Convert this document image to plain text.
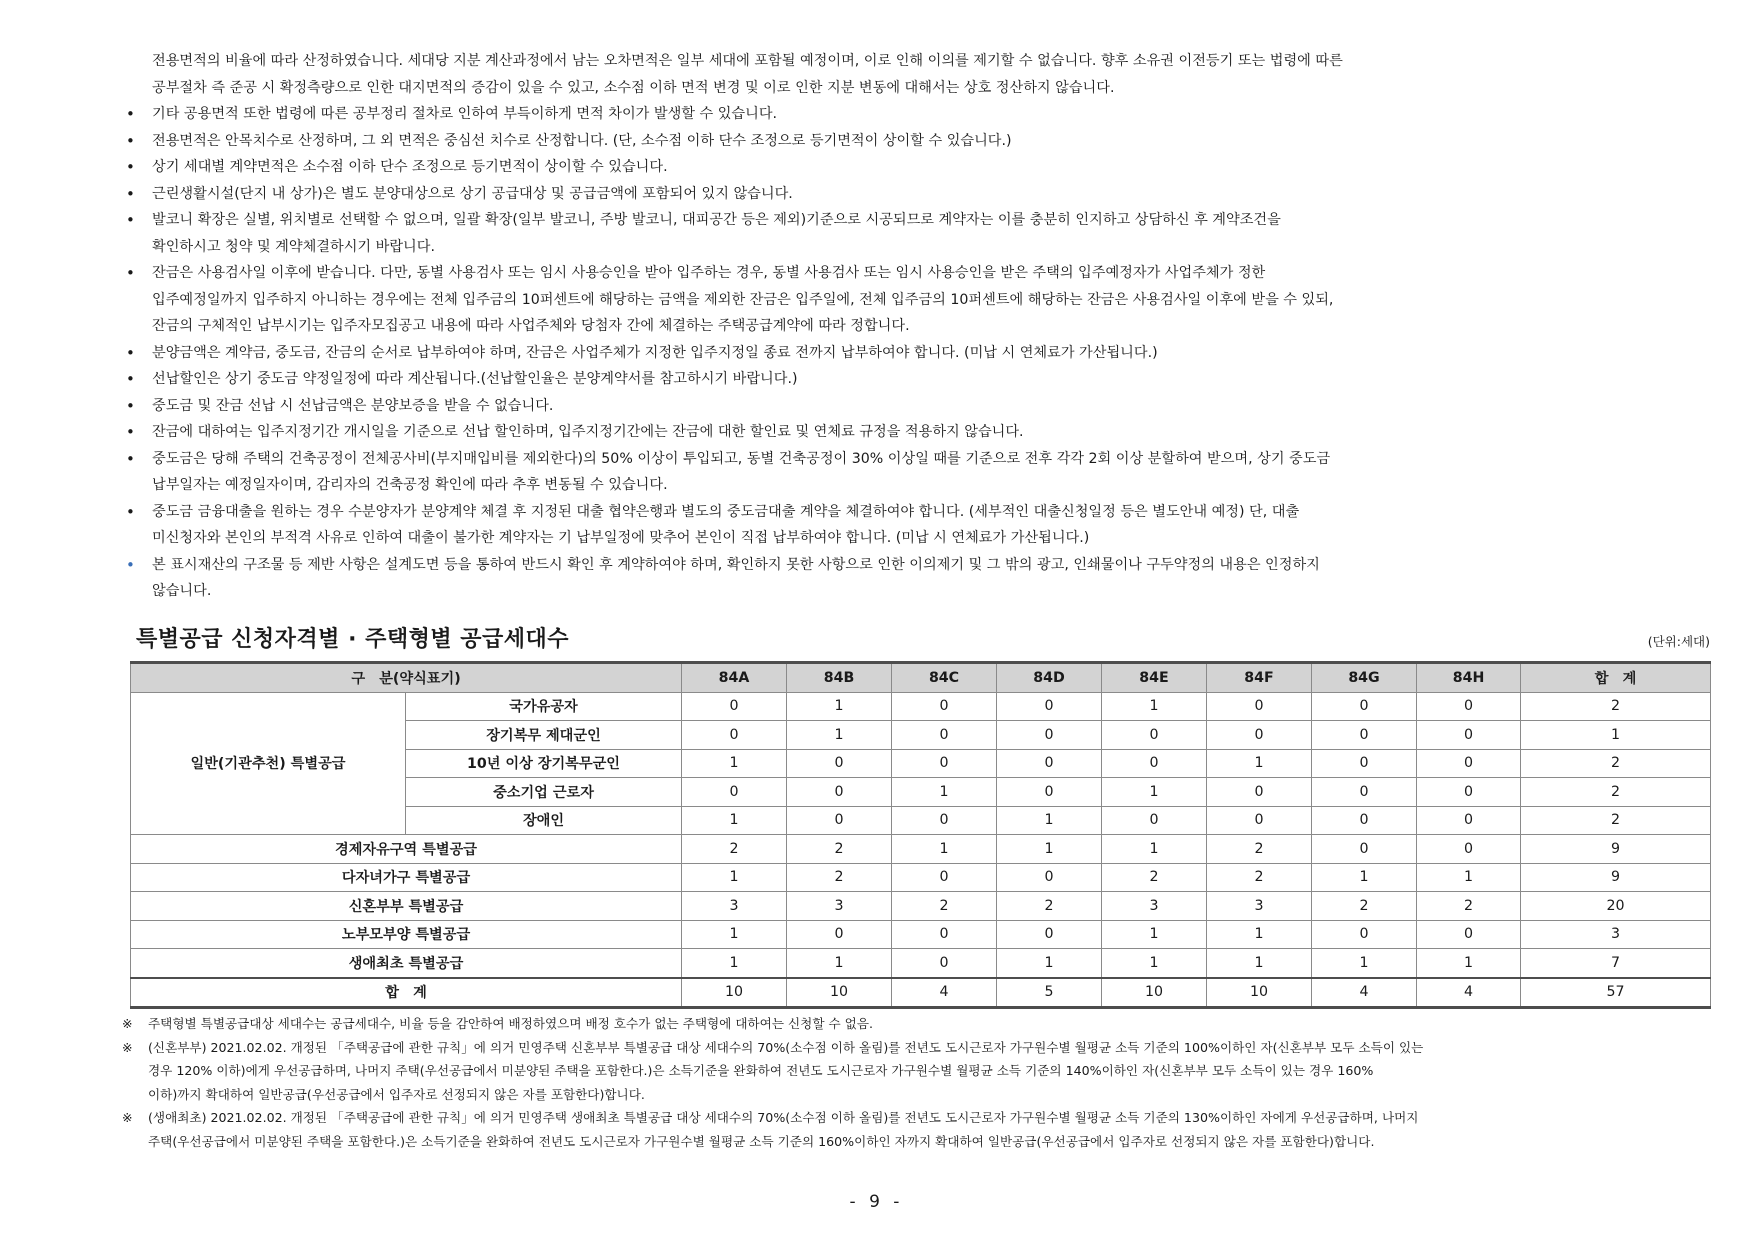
전용면적의 비율에 따라 산정하였습니다. 세대당 지분 계산과정에서 남는 오차면적은 일부 세대에 포함될 예정이며, 이로 인해 이의를 제기할 수 없습니다. 향후 소유권 이전등기 또는 법령에 따른
공부절차 즉 준공 시 확정측량으로 인한 대지면적의 증감이 있을 수 있고, 소수점 이하 면적 변경 및 이로 인한 지분 변동에 대해서는 상호 정산하지 않습니다.
• 기타 공용면적 또한 법령에 따른 공부정리 절차로 인하여 부득이하게 면적 차이가 발생할 수 있습니다.
• 전용면적은 안목치수로 산정하며, 그 외 면적은 중심선 치수로 산정합니다. (단, 소수점 이하 단수 조정으로 등기면적이 상이할 수 있습니다.)
• 상기 세대별 계약면적은 소수점 이하 단수 조정으로 등기면적이 상이할 수 있습니다.
• 근린생활시설(단지 내 상가)은 별도 분양대상으로 상기 공급대상 및 공급금액에 포함되어 있지 않습니다.
• 발코니 확장은 실별, 위치별로 선택할 수 없으며, 일괄 확장(일부 발코니, 주방 발코니, 대피공간 등은 제외)기준으로 시공되므로 계약자는 이를 충분히 인지하고 상담하신 후 계약조건을
확인하시고 청약 및 계약체결하시기 바랍니다.
• 잔금은 사용검사일 이후에 받습니다. 다만, 동별 사용검사 또는 임시 사용승인을 받아 입주하는 경우, 동별 사용검사 또는 임시 사용승인을 받은 주택의 입주예정자가 사업주체가 정한
입주예정일까지 입주하지 아니하는 경우에는 전체 입주금의 10퍼센트에 해당하는 금액을 제외한 잔금은 입주일에, 전체 입주금의 10퍼센트에 해당하는 잔금은 사용검사일 이후에 받을 수 있되,
잔금의 구체적인 납부시기는 입주자모집공고 내용에 따라 사업주체와 당첨자 간에 체결하는 주택공급계약에 따라 정합니다.
• 분양금액은 계약금, 중도금, 잔금의 순서로 납부하여야 하며, 잔금은 사업주체가 지정한 입주지정일 종료 전까지 납부하여야 합니다. (미납 시 연체료가 가산됩니다.)
• 선납할인은 상기 중도금 약정일정에 따라 계산됩니다.(선납할인율은 분양계약서를 참고하시기 바랍니다.)
• 중도금 및 잔금 선납 시 선납금액은 분양보증을 받을 수 없습니다.
• 잔금에 대하여는 입주지정기간 개시일을 기준으로 선납 할인하며, 입주지정기간에는 잔금에 대한 할인료 및 연체료 규정을 적용하지 않습니다.
• 중도금은 당해 주택의 건축공정이 전체공사비(부지매입비를 제외한다)의 50% 이상이 투입되고, 동별 건축공정이 30% 이상일 때를 기준으로 전후 각각 2회 이상 분할하여 받으며, 상기 중도금
납부일자는 예정일자이며, 감리자의 건축공정 확인에 따라 추후 변동될 수 있습니다.
• 중도금 금융대출을 원하는 경우 수분양자가 분양계약 체결 후 지정된 대출 협약은행과 별도의 중도금대출 계약을 체결하여야 합니다. (세부적인 대출신청일정 등은 별도안내 예정) 단, 대출
미신청자와 본인의 부적격 사유로 인하여 대출이 불가한 계약자는 기 납부일정에 맞추어 본인이 직접 납부하여야 합니다. (미납 시 연체료가 가산됩니다.)
• 본 표시재산의 구조물 등 제반 사항은 설계도면 등을 통하여 반드시 확인 후 계약하여야 하며, 확인하지 못한 사항으로 인한 이의제기 및 그 밖의 광고, 인쇄물이나 구두약정의 내용은 인정하지
않습니다.
특별공급 신청자격별 · 주택형별 공급세대수	(단위:세대)
구　분(약식표기)		84A	84B	84C	84D	84E	84F	84G	84H	합　계
일반(기관추천) 특별공급	국가유공자	0	1	0	0	1	0	0	0	2
	장기복무 제대군인	0	1	0	0	0	0	0	0	1
	10년 이상 장기복무군인	1	0	0	0	0	1	0	0	2
	중소기업 근로자	0	0	1	0	1	0	0	0	2
	장애인	1	0	0	1	0	0	0	0	2
경제자유구역 특별공급		2	2	1	1	1	2	0	0	9
다자녀가구 특별공급		1	2	0	0	2	2	1	1	9
신혼부부 특별공급		3	3	2	2	3	3	2	2	20
노부모부양 특별공급		1	0	0	0	1	1	0	0	3
생애최초 특별공급		1	1	0	1	1	1	1	1	7
합　계		10	10	4	5	10	10	4	4	57
※ 주택형별 특별공급대상 세대수는 공급세대수, 비율 등을 감안하여 배정하였으며 배정 호수가 없는 주택형에 대하여는 신청할 수 없음.
※ (신혼부부) 2021.02.02. 개정된 「주택공급에 관한 규칙」에 의거 민영주택 신혼부부 특별공급 대상 세대수의 70%(소수점 이하 올림)를 전년도 도시근로자 가구원수별 월평균 소득 기준의 100%이하인 자(신혼부부 모두 소득이 있는
경우 120% 이하)에게 우선공급하며, 나머지 주택(우선공급에서 미분양된 주택을 포함한다.)은 소득기준을 완화하여 전년도 도시근로자 가구원수별 월평균 소득 기준의 140%이하인 자(신혼부부 모두 소득이 있는 경우 160%
이하)까지 확대하여 일반공급(우선공급에서 입주자로 선정되지 않은 자를 포함한다)합니다.
※ (생애최초) 2021.02.02. 개정된 「주택공급에 관한 규칙」에 의거 민영주택 생애최초 특별공급 대상 세대수의 70%(소수점 이하 올림)를 전년도 도시근로자 가구원수별 월평균 소득 기준의 130%이하인 자에게 우선공급하며, 나머지
주택(우선공급에서 미분양된 주택을 포함한다.)은 소득기준을 완화하여 전년도 도시근로자 가구원수별 월평균 소득 기준의 160%이하인 자까지 확대하여 일반공급(우선공급에서 입주자로 선정되지 않은 자를 포함한다)합니다.
- 9 -
